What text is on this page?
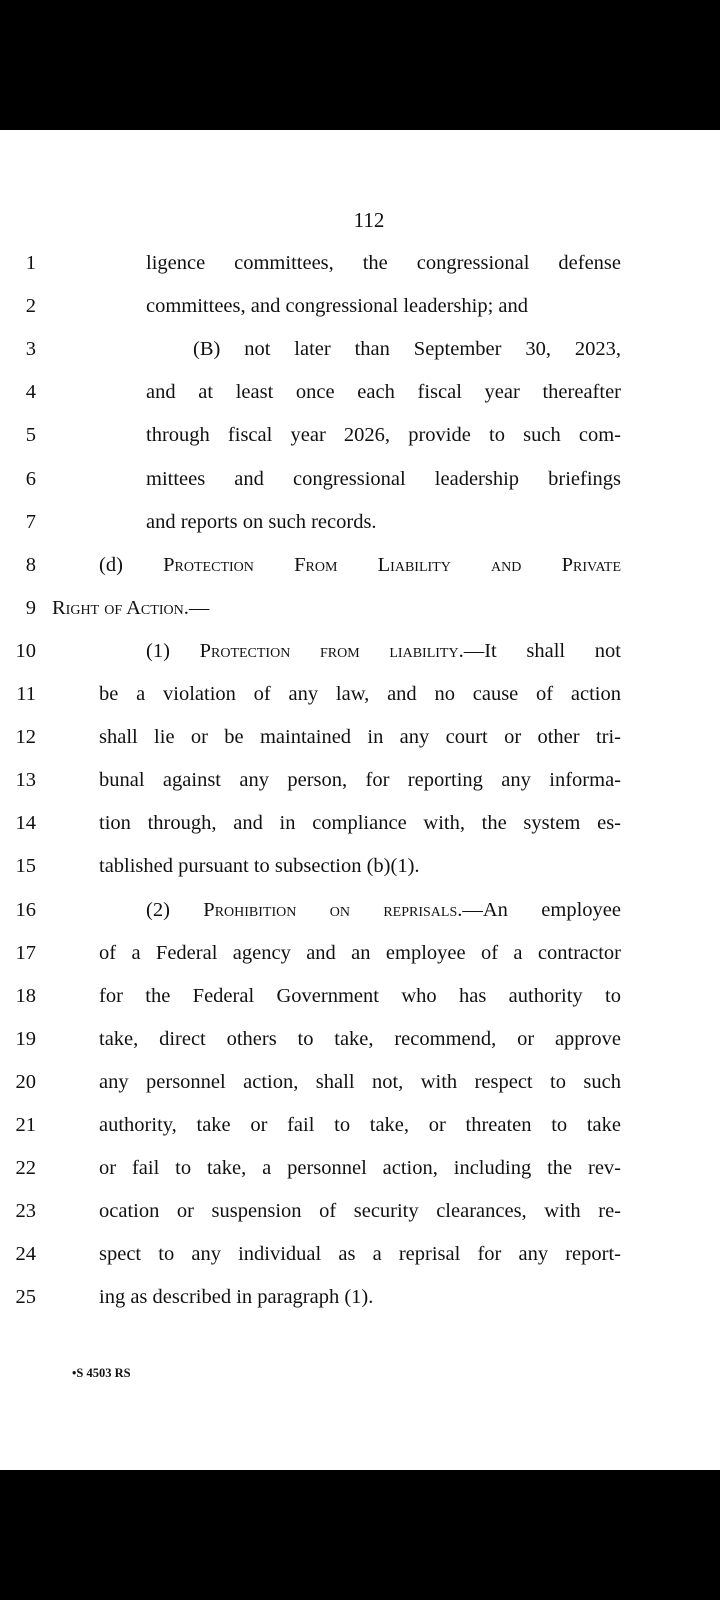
112
1	ligence committees, the congressional defense
2	committees, and congressional leadership; and
3	(B) not later than September 30, 2023,
4	and at least once each fiscal year thereafter
5	through fiscal year 2026, provide to such com-
6	mittees and congressional leadership briefings
7	and reports on such records.
8	(d) Protection From Liability and Private
9 Right of Action.—
10	(1) Protection from liability.—It shall not
11	be a violation of any law, and no cause of action
12	shall lie or be maintained in any court or other tri-
13	bunal against any person, for reporting any informa-
14	tion through, and in compliance with, the system es-
15	tablished pursuant to subsection (b)(1).
16	(2) Prohibition on reprisals.—An employee
17	of a Federal agency and an employee of a contractor
18	for the Federal Government who has authority to
19	take, direct others to take, recommend, or approve
20	any personnel action, shall not, with respect to such
21	authority, take or fail to take, or threaten to take
22	or fail to take, a personnel action, including the rev-
23	ocation or suspension of security clearances, with re-
24	spect to any individual as a reprisal for any report-
25	ing as described in paragraph (1).
•S 4503 RS
